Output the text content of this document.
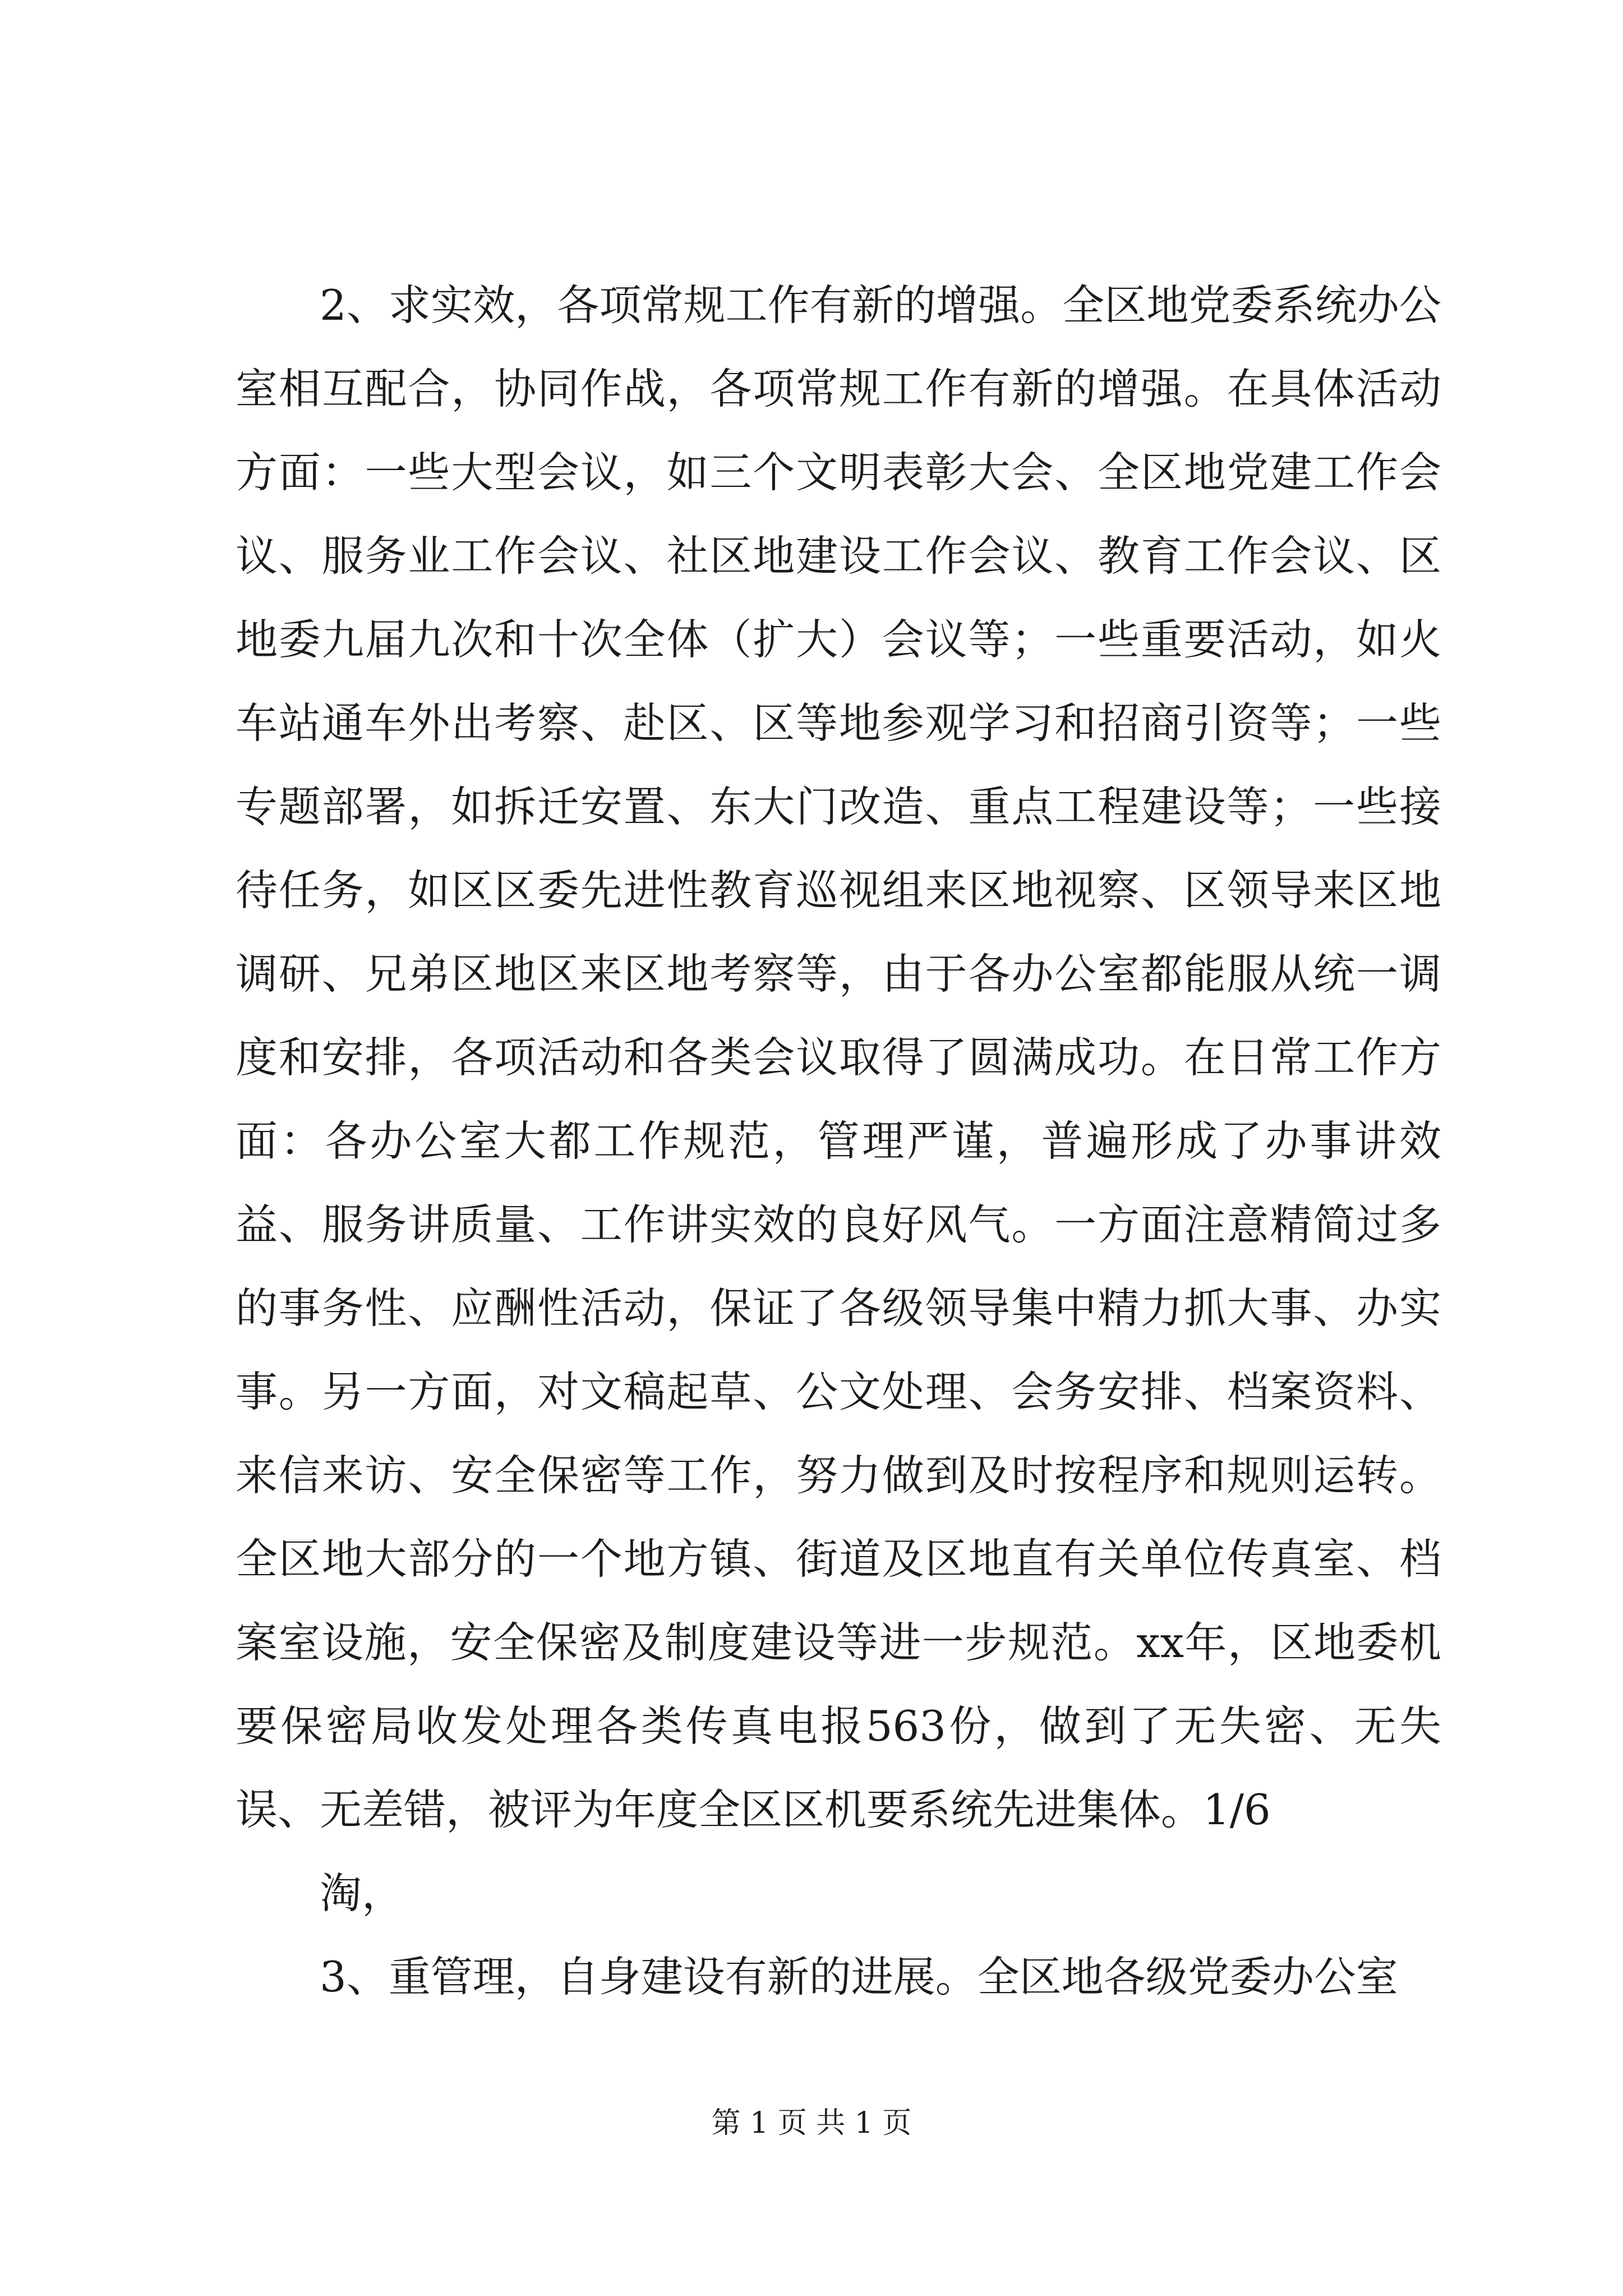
2、求实效，各项常规工作有新的增强。全区地党委系统办公室相互配合，协同作战，各项常规工作有新的增强。在具体活动方面：一些大型会议，如三个文明表彰大会、全区地党建工作会议、服务业工作会议、社区地建设工作会议、教育工作会议、区地委九届九次和十次全体（扩大）会议等；一些重要活动，如火车站通车外出考察、赴区、区等地参观学习和招商引资等；一些专题部署，如拆迁安置、东大门改造、重点工程建设等；一些接待任务，如区区委先进性教育巡视组来区地视察、区领导来区地调研、兄弟区地区来区地考察等，由于各办公室都能服从统一调度和安排，各项活动和各类会议取得了圆满成功。在日常工作方面：各办公室大都工作规范，管理严谨，普遍形成了办事讲效益、服务讲质量、工作讲实效的良好风气。一方面注意精简过多的事务性、应酬性活动，保证了各级领导集中精力抓大事、办实事。另一方面，对文稿起草、公文处理、会务安排、档案资料、来信来访、安全保密等工作，努力做到及时按程序和规则运转。全区地大部分的一个地方镇、街道及区地直有关单位传真室、档案室设施，安全保密及制度建设等进一步规范。xx年，区地委机要保密局收发处理各类传真电报563份，做到了无失密、无失误、无差错，被评为年度全区区机要系统先进集体。1/6

淘，

3、重管理，自身建设有新的进展。全区地各级党委办公室

第 1 页 共 1 页
